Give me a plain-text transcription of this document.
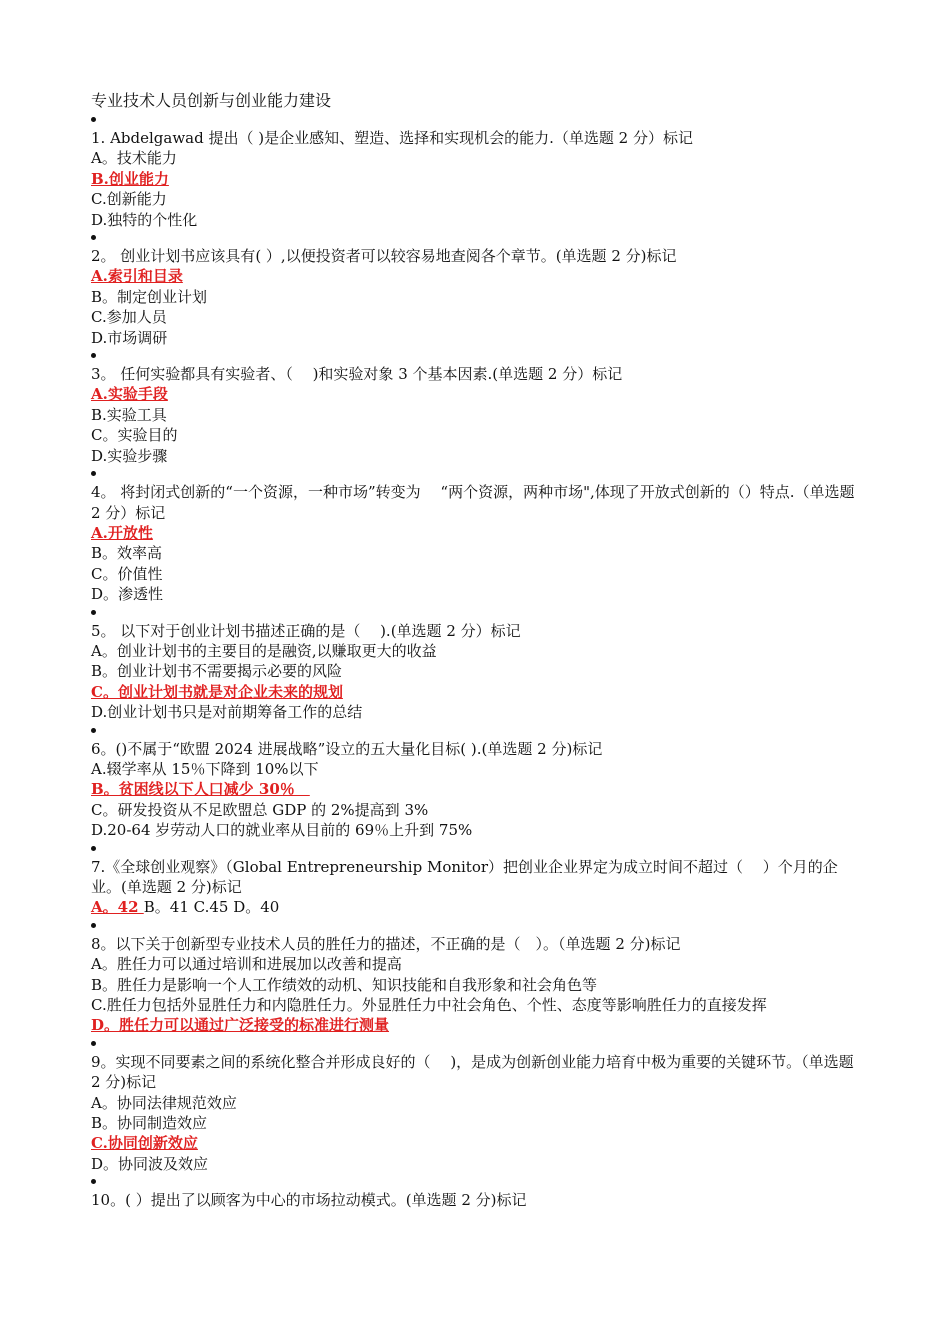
专业技术人员创新与创业能力建设
1. Abdelgawad 提出（ )是企业感知、塑造、选择和实现机会的能力.（单选题 2 分）标记
A。技术能力
B.创业能力
C.创新能力
D.独特的个性化
2。 创业计划书应该具有( ）,以便投资者可以较容易地查阅各个章节。(单选题 2 分)标记
A.索引和目录
B。制定创业计划
C.参加人员
D.市场调研
3。 任何实验都具有实验者、（　 )和实验对象 3 个基本因素.(单选题 2 分）标记
A.实验手段
B.实验工具
C。实验目的
D.实验步骤
4。 将封闭式创新的“一个资源，一种市场”转变为　 “两个资源，两种市场",体现了开放式创新的（）特点.（单选题 2 分）标记
A.开放性
B。效率高
C。价值性
D。渗透性
5。 以下对于创业计划书描述正确的是（　 ).(单选题 2 分）标记
A。创业计划书的主要目的是融资,以赚取更大的收益
B。创业计划书不需要揭示必要的风险
C。创业计划书就是对企业未来的规划
D.创业计划书只是对前期筹备工作的总结
6。()不属于“欧盟 2024 进展战略”设立的五大量化目标( ).(单选题 2 分)标记
A.辍学率从 15％下降到 10%以下
B。贫困线以下人口减少 30％　
C。研发投资从不足欧盟总 GDP 的 2%提高到 3%
D.20-64 岁劳动人口的就业率从目前的 69％上升到 75%
7.《全球创业观察》（Global Entrepreneurship Monitor）把创业企业界定为成立时间不超过（　 ）个月的企业。(单选题 2 分)标记
A。42 B。41 C.45 D。40
8。以下关于创新型专业技术人员的胜任力的描述，不正确的是（　）。（单选题 2 分)标记
A。胜任力可以通过培训和进展加以改善和提高
B。胜任力是影响一个人工作绩效的动机、知识技能和自我形象和社会角色等
C.胜任力包括外显胜任力和内隐胜任力。外显胜任力中社会角色、个性、态度等影响胜任力的直接发挥
D。胜任力可以通过广泛接受的标准进行测量
9。实现不同要素之间的系统化整合并形成良好的（　 )，是成为创新创业能力培育中极为重要的关键环节。（单选题 2 分)标记
A。协同法律规范效应
B。协同制造效应
C.协同创新效应
D。协同波及效应
10。( ）提出了以顾客为中心的市场拉动模式。(单选题 2 分)标记
